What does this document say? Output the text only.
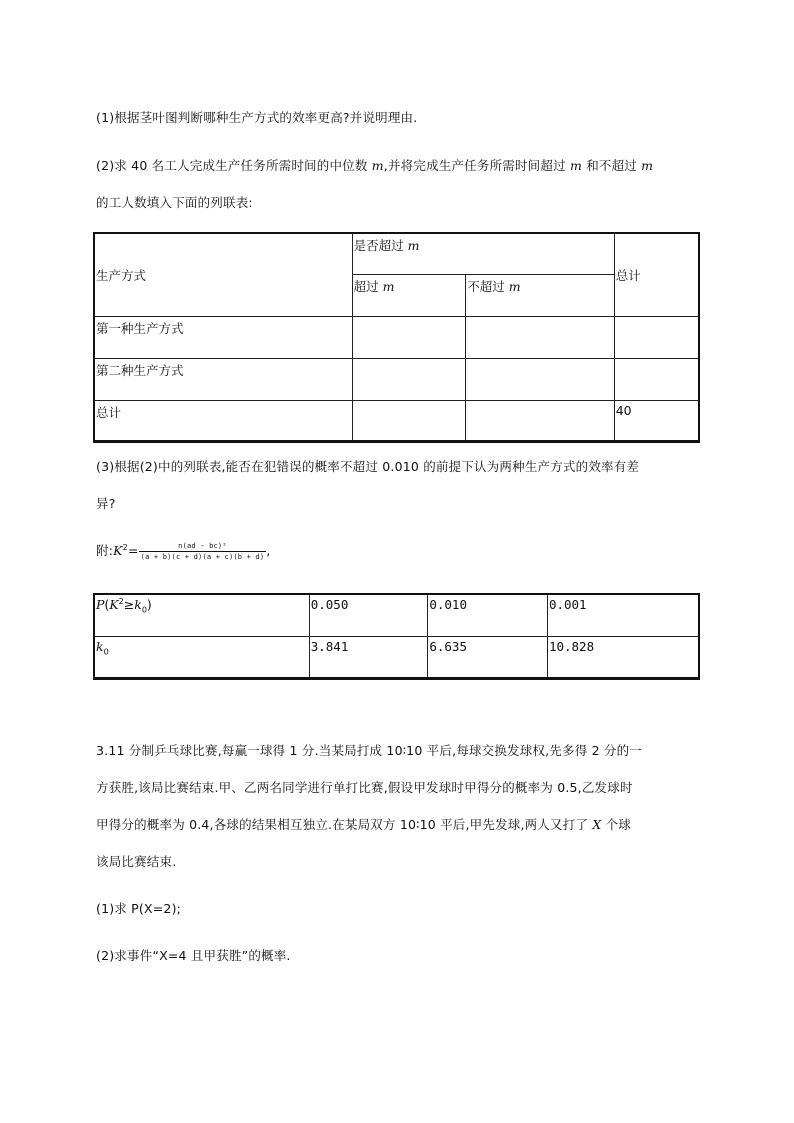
(1)根据茎叶图判断哪种生产方式的效率更高?并说明理由.
(2)求 40 名工人完成生产任务所需时间的中位数 m,并将完成生产任务所需时间超过 m 和不超过 m
的工人数填入下面的列联表:
生产方式	是否超过 m		总计
	超过 m	不超过 m	
第一种生产方式			
第二种生产方式			
总计			40
(3)根据(2)中的列联表,能否在犯错误的概率不超过 0.010 的前提下认为两种生产方式的效率有差
异?
附$:K^2= \frac{\text{n(ad - bc)²}}{(a + b)(c + d)(a + c)(b + d)}$ ,
$P(K^2\ge k_0)$	0.050	0.010	0.001
$k_0$	3.841	6.635	10.828
3.11 分制乒乓球比赛,每赢一球得 1 分.当某局打成 10∶10 平后,每球交换发球权,先多得 2 分的一
方获胜,该局比赛结束.甲、乙两名同学进行单打比赛,假设甲发球时甲得分的概率为 0.5,乙发球时
甲得分的概率为 0.4,各球的结果相互独立.在某局双方 10∶10 平后,甲先发球,两人又打了 X 个球
该局比赛结束.
(1)求 P(X=2);
(2)求事件“X=4 且甲获胜”的概率.
